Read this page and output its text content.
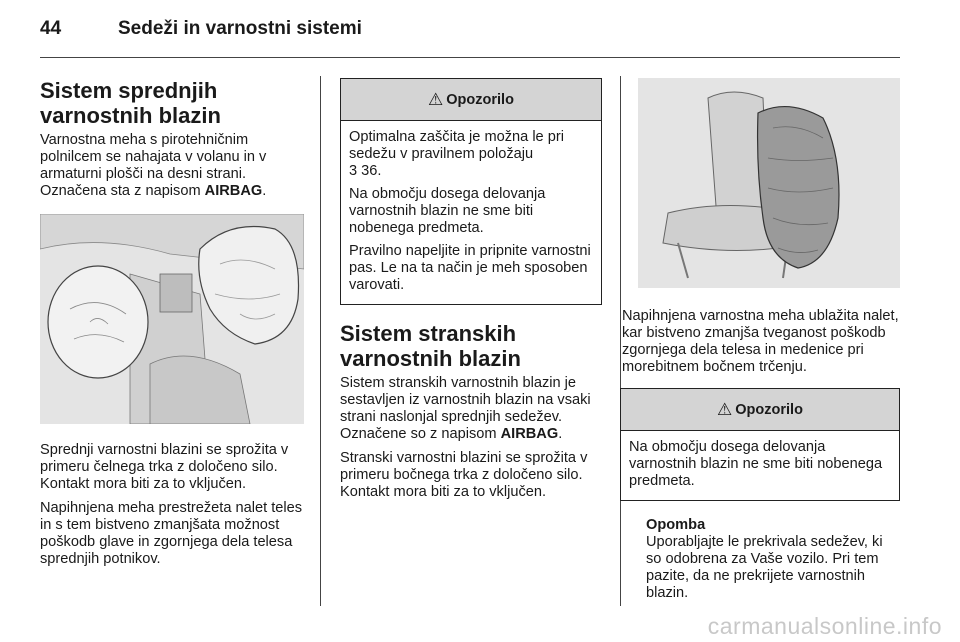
44	Sedeži in varnostni sistemi
Sistem sprednjih varnostnih blazin

Varnostna meha s pirotehničnim polnilcem se nahajata v volanu in v armaturni plošči na desni strani. Označena sta z napisom AIRBAG.

Sprednji varnostni blazini se sprožita v primeru čelnega trka z določeno silo. Kontakt mora biti za to vključen.

Napihnjena meha prestrežeta nalet teles in s tem bistveno zmanjšata možnost poškodb glave in zgornjega dela telesa sprednjih potnikov.

⚠ Opozorilo

Optimalna zaščita je možna le pri sedežu v pravilnem položaju
3 36.

Na območju dosega delovanja varnostnih blazin ne sme biti nobenega predmeta.

Pravilno napeljite in pripnite varnostni pas. Le na ta način je meh sposoben varovati.

Sistem stranskih varnostnih blazin

Sistem stranskih varnostnih blazin je sestavljen iz varnostnih blazin na vsaki strani naslonjal sprednjih sedežev. Označene so z napisom AIRBAG.

Stranski varnostni blazini se sprožita v primeru bočnega trka z določeno silo. Kontakt mora biti za to vključen.

Napihnjena varnostna meha ublažita nalet, kar bistveno zmanjša tveganost poškodb zgornjega dela telesa in medenice pri morebitnem bočnem trčenju.

⚠ Opozorilo

Na območju dosega delovanja varnostnih blazin ne sme biti nobenega predmeta.

Opomba

Uporabljajte le prekrivala sedežev, ki so odobrena za Vaše vozilo. Pri tem pazite, da ne prekrijete varnostnih blazin.

carmanualsonline.info
